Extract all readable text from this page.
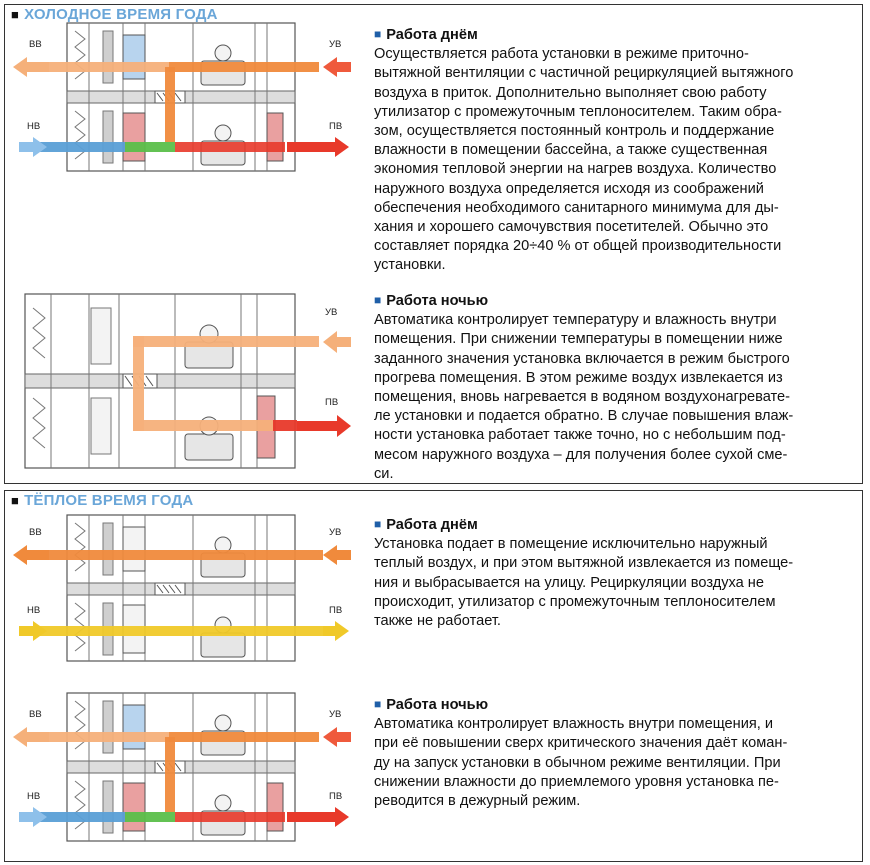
■ ХОЛОДНОЕ ВРЕМЯ ГОДА
ВВ	УВ
НВ	ПВ
■ Работа днём
Осуществляется работа установки в режиме приточно-
вытяжной вентиляции с частичной рециркуляцией вытяжного
воздуха в приток. Дополнительно выполняет свою работу
утилизатор с промежуточным теплоносителем. Таким обра-
зом, осуществляется постоянный контроль и поддержание
влажности в помещении бассейна, а также существенная
экономия тепловой энергии на нагрев воздуха. Количество
наружного воздуха определяется исходя из соображений
обеспечения необходимого санитарного минимума для ды-
хания и хорошего самочувствия посетителей. Обычно это
составляет порядка 20÷40 % от общей производительности
установки.
УВ
ПВ
■ Работа ночью
Автоматика контролирует температуру и влажность внутри
помещения. При снижении температуры в помещении ниже
заданного значения установка включается в режим быстрого
прогрева помещения. В этом режиме воздух извлекается из
помещения, вновь нагревается в водяном воздухонагревате-
ле установки и подается обратно. В случае повышения влаж-
ности установка работает также точно, но с небольшим под-
месом наружного воздуха – для получения более сухой сме-
си.
■ ТЁПЛОЕ ВРЕМЯ ГОДА
ВВ	УВ
НВ	ПВ
■ Работа днём
Установка подает в помещение исключительно наружный
теплый воздух, и при этом вытяжной извлекается из помеще-
ния и выбрасывается на улицу. Рециркуляции воздуха не
происходит, утилизатор с промежуточным теплоносителем
также не работает.
ВВ	УВ
НВ	ПВ
■ Работа ночью
Автоматика контролирует влажность внутри помещения, и
при её повышении сверх критического значения даёт коман-
ду на запуск установки в обычном режиме вентиляции. При
снижении влажности до приемлемого уровня установка пе-
реводится в дежурный режим.
